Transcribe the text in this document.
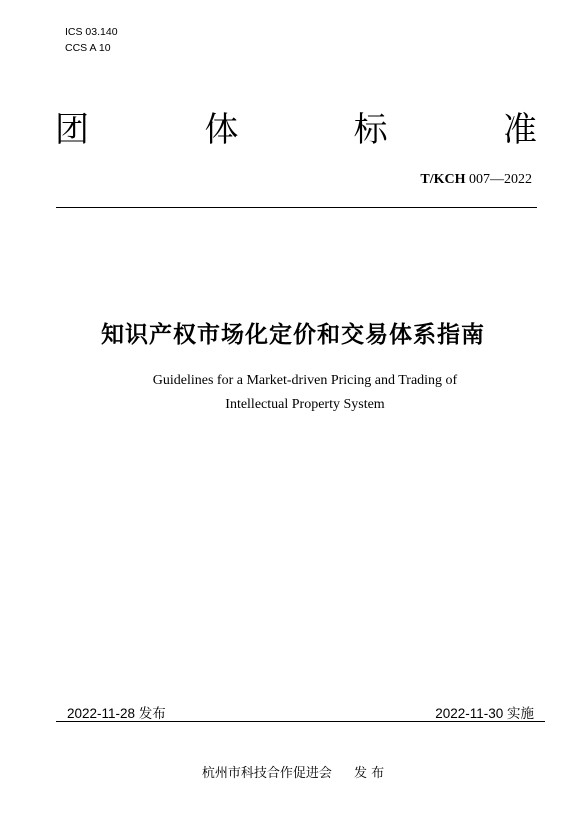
ICS 03.140
CCS A 10
团	体	标	准
T/KCH 007—2022
知识产权市场化定价和交易体系指南
Guidelines for a Market-driven Pricing and Trading of
Intellectual Property System
2022-11-28 发布	2022-11-30 实施
杭州市科技合作促进会 发 布
